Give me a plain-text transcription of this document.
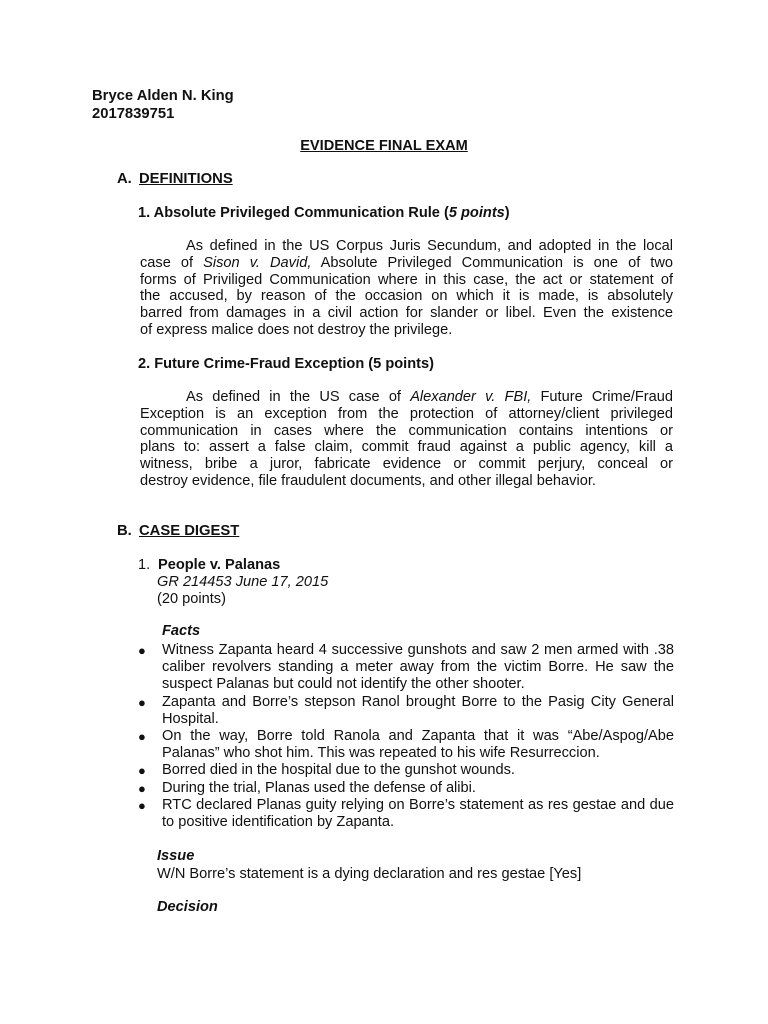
Bryce Alden N. King
2017839751
EVIDENCE FINAL EXAM
A. DEFINITIONS
1. Absolute Privileged Communication Rule (5 points)
As defined in the US Corpus Juris Secundum, and adopted in the local
case of Sison v. David, Absolute Privileged Communication is one of two
forms of Priviliged Communication where in this case, the act or statement of
the accused, by reason of the occasion on which it is made, is absolutely
barred from damages in a civil action for slander or libel. Even the existence
of express malice does not destroy the privilege.
2. Future Crime-Fraud Exception (5 points)
As defined in the US case of Alexander v. FBI, Future Crime/Fraud
Exception is an exception from the protection of attorney/client privileged
communication in cases where the communication contains intentions or
plans to: assert a false claim, commit fraud against a public agency, kill a
witness, bribe a juror, fabricate evidence or commit perjury, conceal or
destroy evidence, file fraudulent documents, and other illegal behavior.
B. CASE DIGEST
1. People v. Palanas
GR 214453 June 17, 2015
(20 points)
Facts
● Witness Zapanta heard 4 successive gunshots and saw 2 men armed with .38 caliber revolvers standing a meter away from the victim Borre. He saw the suspect Palanas but could not identify the other shooter.
● Zapanta and Borre’s stepson Ranol brought Borre to the Pasig City General Hospital.
● On the way, Borre told Ranola and Zapanta that it was “Abe/Aspog/Abe Palanas” who shot him. This was repeated to his wife Resurreccion.
● Borred died in the hospital due to the gunshot wounds.
● During the trial, Planas used the defense of alibi.
● RTC declared Planas guity relying on Borre’s statement as res gestae and due to positive identification by Zapanta.
Issue
W/N Borre’s statement is a dying declaration and res gestae [Yes]
Decision
